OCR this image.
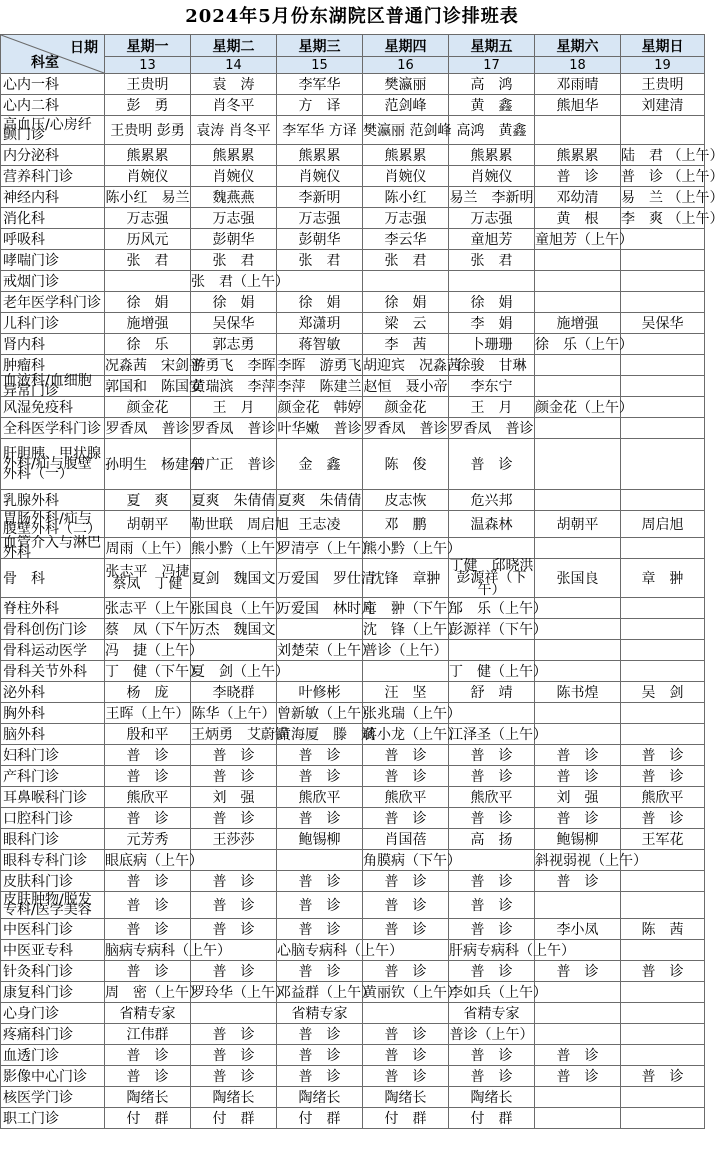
2024年5月份东湖院区普通门诊排班表
日期
科室	星期一	星期二	星期三	星期四	星期五	星期六	星期日
	13	14	15	16	17	18	19
心内一科	王贵明	袁　涛	李军华	樊瀛丽	高　鸿	邓雨晴	王贵明
心内二科	彭　勇	肖冬平	方　译	范剑峰	黄　鑫	熊旭华	刘建清
高血压/心房纤颤门诊	王贵明 彭勇	袁涛 肖冬平	李军华 方译	樊瀛丽 范剑峰	高鸿　黄鑫		
内分泌科	熊累累	熊累累	熊累累	熊累累	熊累累	熊累累	陆　君 （上午）
营养科门诊	肖婉仪	肖婉仪	肖婉仪	肖婉仪	肖婉仪	普　诊	普　诊 （上午）
神经内科	陈小红　易兰	魏燕燕	李新明	陈小红	易兰　李新明	邓幼清	易　兰 （上午）
消化科	万志强	万志强	万志强	万志强	万志强	黄　根	李　爽 （上午）
呼吸科	历风元	彭朝华	彭朝华	李云华	童旭芳	童旭芳（上午）	
哮喘门诊	张　君	张　君	张　君	张　君	张　君		
戒烟门诊		张　君（上午）					
老年医学科门诊	徐　娟	徐　娟	徐　娟	徐　娟	徐　娟		
儿科门诊	施增强	吴保华	郑潇玥	梁　云	李　娟	施增强	吴保华
肾内科	徐　乐	郭志勇	蒋智敏	李　茜	卜珊珊	徐　乐（上午）	
肿瘤科	况淼茜　宋剑平	游勇飞　李晖	李晖　游勇飞	胡迎宾　况淼茜	徐骏　甘琳		
血液科/血细胞异常门诊	郭国和　陈国安	黄瑞滨　李萍	李萍　陈建兰	赵恒　聂小帝	李东宁		
风湿免疫科	颜金花	王　月	颜金花　韩婷	颜金花	王　月	颜金花（上午）	
全科医学科门诊	罗香凤　普诊	罗香凤　普诊	叶华嫩　普诊	罗香凤　普诊	罗香凤　普诊		
肝胆胰、甲状腺外科/疝与腹壁外科（一）	孙明生　杨建东	曾广正　普诊	金　鑫	陈　俊	普　诊		
乳腺外科	夏　爽	夏爽　朱倩倩	夏爽　朱倩倩	皮志恢	危兴邦		
胃肠外科/疝与腹壁外科（二）	胡朝平	勒世联　周启旭	王志凌	邓　鹏	温森林	胡朝平	周启旭
血管介入与淋巴外科	周雨（上午）	熊小黔（上午）	罗清亭（上午）	熊小黔（上午）			
骨　科	张志平　冯捷 蔡凤　丁健	夏剑　魏国文	万爱国　罗仕清	沈锋　章翀	丁健　邱晓洪 彭源祥（下午）	张国良	章　翀
脊柱外科	张志平（上午）	张国良（上午）	万爱国　林时凡	章　翀（下午）	邹　乐（上午）		
骨科创伤门诊	蔡　凤（下午）	万杰　魏国文		沈　锋（上午）	彭源祥（下午）		
骨科运动医学	冯　捷（上午）		刘楚荣（上午）	普诊（上午）			
骨科关节外科	丁　健（下午）	夏　剑（上午）			丁　健（上午）		
泌外科	杨　庞	李晓群	叶修彬	汪　坚	舒　靖	陈书煌	吴　剑
胸外科	王晖（上午）	陈华（上午）	曾新敏（上午）	张兆瑞（上午）			
脑外科	殷和平	王炳勇　艾蔚锦	黄海厦　滕　斌	蒋小龙（上午）	江泽圣（上午）		
妇科门诊	普　诊	普　诊	普　诊	普　诊	普　诊	普　诊	普　诊
产科门诊	普　诊	普　诊	普　诊	普　诊	普　诊	普　诊	普　诊
耳鼻喉科门诊	熊欣平	刘　强	熊欣平	熊欣平	熊欣平	刘　强	熊欣平
口腔科门诊	普　诊	普　诊	普　诊	普　诊	普　诊	普　诊	普　诊
眼科门诊	元芳秀	王莎莎	鲍锡柳	肖国蓓	高　扬	鲍锡柳	王军花
眼科专科门诊	眼底病（上午）			角膜病（下午）		斜视弱视（上午）	
皮肤科门诊	普　诊	普　诊	普　诊	普　诊	普　诊	普　诊	
皮肤肿物/脱发专科/医学美容	普　诊	普　诊	普　诊	普　诊	普　诊		
中医科门诊	普　诊	普　诊	普　诊	普　诊	普　诊	李小凤	陈　茜
中医亚专科	脑病专病科（上午）		心脑专病科（上午）		肝病专病科（上午）		
针灸科门诊	普　诊	普　诊	普　诊	普　诊	普　诊	普　诊	普　诊
康复科门诊	周　密（上午）	罗玲华（上午）	邓益群（上午）	黄丽钦（上午）	李如兵（上午）		
心身门诊	省精专家		省精专家		省精专家		
疼痛科门诊	江伟群	普　诊	普　诊	普　诊	普诊（上午）		
血透门诊	普　诊	普　诊	普　诊	普　诊	普　诊	普　诊	
影像中心门诊	普　诊	普　诊	普　诊	普　诊	普　诊	普　诊	普　诊
核医学门诊	陶绪长	陶绪长	陶绪长	陶绪长	陶绪长		
职工门诊	付　群	付　群	付　群	付　群	付　群		
